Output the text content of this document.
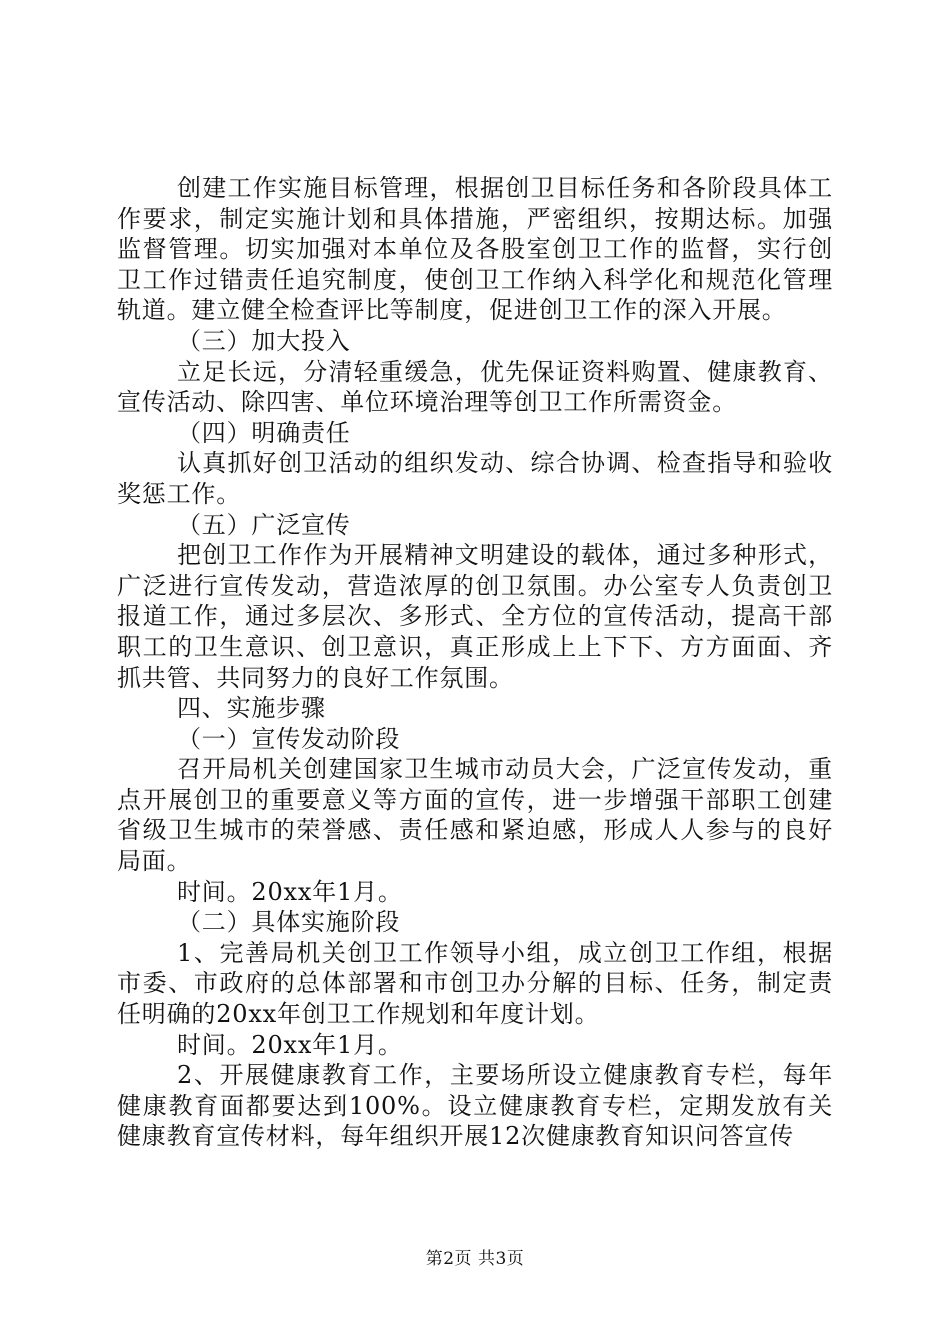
创建工作实施目标管理，根据创卫目标任务和各阶段具体工作要求，制定实施计划和具体措施，严密组织，按期达标。加强监督管理。切实加强对本单位及各股室创卫工作的监督，实行创卫工作过错责任追究制度，使创卫工作纳入科学化和规范化管理轨道。建立健全检查评比等制度，促进创卫工作的深入开展。

（三）加大投入

立足长远，分清轻重缓急，优先保证资料购置、健康教育、宣传活动、除四害、单位环境治理等创卫工作所需资金。

（四）明确责任

认真抓好创卫活动的组织发动、综合协调、检查指导和验收奖惩工作。

（五）广泛宣传

把创卫工作作为开展精神文明建设的载体，通过多种形式，广泛进行宣传发动，营造浓厚的创卫氛围。办公室专人负责创卫报道工作，通过多层次、多形式、全方位的宣传活动，提高干部职工的卫生意识、创卫意识，真正形成上上下下、方方面面、齐抓共管、共同努力的良好工作氛围。

四、实施步骤

（一）宣传发动阶段

召开局机关创建国家卫生城市动员大会，广泛宣传发动，重点开展创卫的重要意义等方面的宣传，进一步增强干部职工创建省级卫生城市的荣誉感、责任感和紧迫感，形成人人参与的良好局面。

时间。20xx年1月。

（二）具体实施阶段

1、完善局机关创卫工作领导小组，成立创卫工作组，根据市委、市政府的总体部署和市创卫办分解的目标、任务，制定责任明确的20xx年创卫工作规划和年度计划。

时间。20xx年1月。

2、开展健康教育工作，主要场所设立健康教育专栏，每年健康教育面都要达到100%。设立健康教育专栏，定期发放有关健康教育宣传材料，每年组织开展12次健康教育知识问答宣传

第2页 共3页
